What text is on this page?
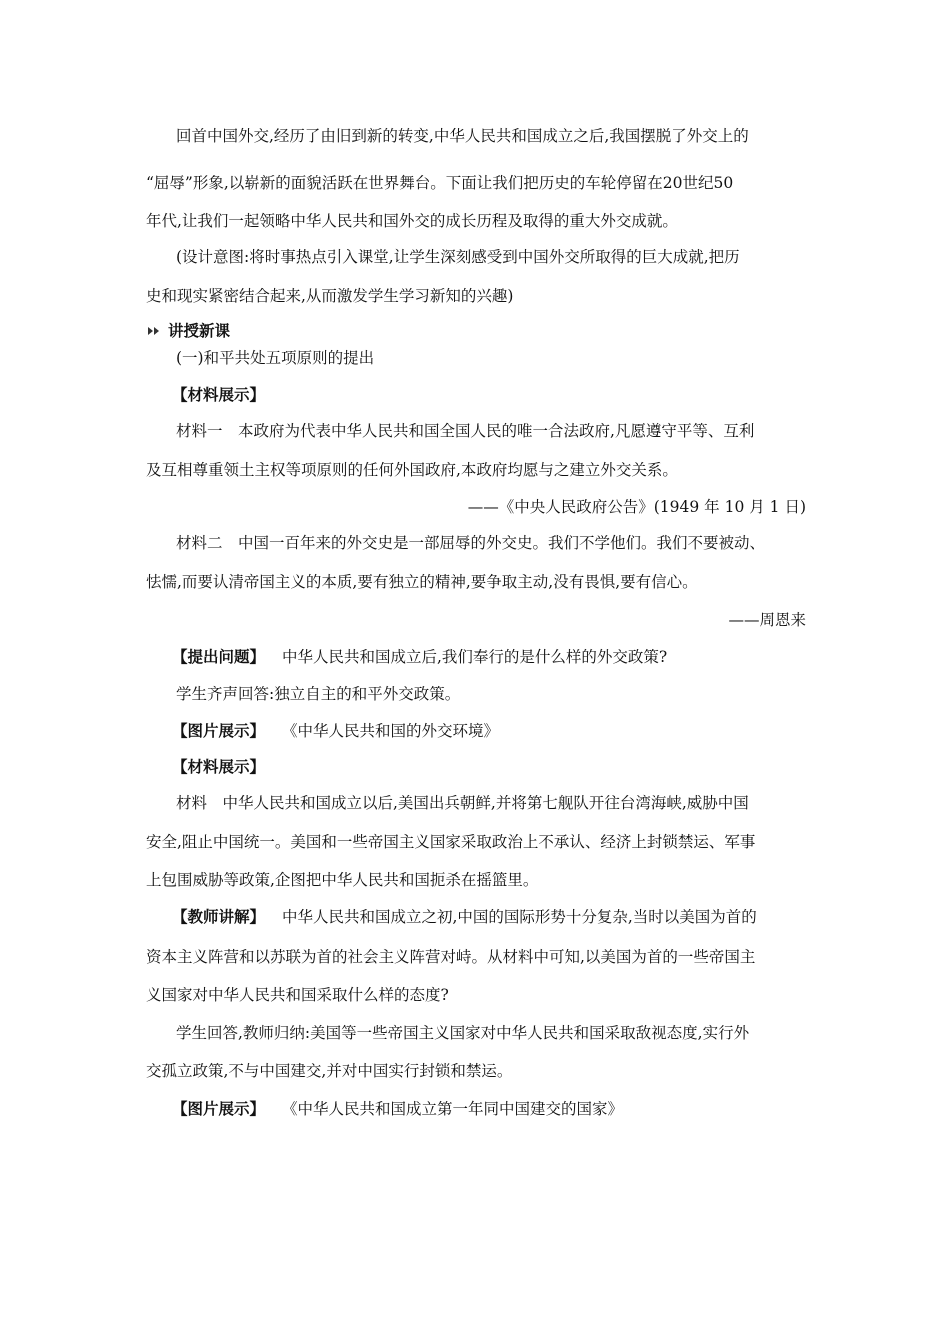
回首中国外交,经历了由旧到新的转变,中华人民共和国成立之后,我国摆脱了外交上的
“屈辱”形象,以崭新的面貌活跃在世界舞台。下面让我们把历史的车轮停留在20世纪50
年代,让我们一起领略中华人民共和国外交的成长历程及取得的重大外交成就。
(设计意图:将时事热点引入课堂,让学生深刻感受到中国外交所取得的巨大成就,把历
史和现实紧密结合起来,从而激发学生学习新知的兴趣)
讲授新课
(一)和平共处五项原则的提出
【材料展示】
材料一　本政府为代表中华人民共和国全国人民的唯一合法政府,凡愿遵守平等、互利
及互相尊重领土主权等项原则的任何外国政府,本政府均愿与之建立外交关系。
——《中央人民政府公告》(1949 年 10 月 1 日)
材料二　中国一百年来的外交史是一部屈辱的外交史。我们不学他们。我们不要被动、
怯懦,而要认清帝国主义的本质,要有独立的精神,要争取主动,没有畏惧,要有信心。
——周恩来
【提出问题】 中华人民共和国成立后,我们奉行的是什么样的外交政策?
学生齐声回答:独立自主的和平外交政策。
【图片展示】 《中华人民共和国的外交环境》
【材料展示】
材料　中华人民共和国成立以后,美国出兵朝鲜,并将第七舰队开往台湾海峡,威胁中国
安全,阻止中国统一。美国和一些帝国主义国家采取政治上不承认、经济上封锁禁运、军事
上包围威胁等政策,企图把中华人民共和国扼杀在摇篮里。
【教师讲解】 中华人民共和国成立之初,中国的国际形势十分复杂,当时以美国为首的
资本主义阵营和以苏联为首的社会主义阵营对峙。从材料中可知,以美国为首的一些帝国主
义国家对中华人民共和国采取什么样的态度?
学生回答,教师归纳:美国等一些帝国主义国家对中华人民共和国采取敌视态度,实行外
交孤立政策,不与中国建交,并对中国实行封锁和禁运。
【图片展示】 《中华人民共和国成立第一年同中国建交的国家》
